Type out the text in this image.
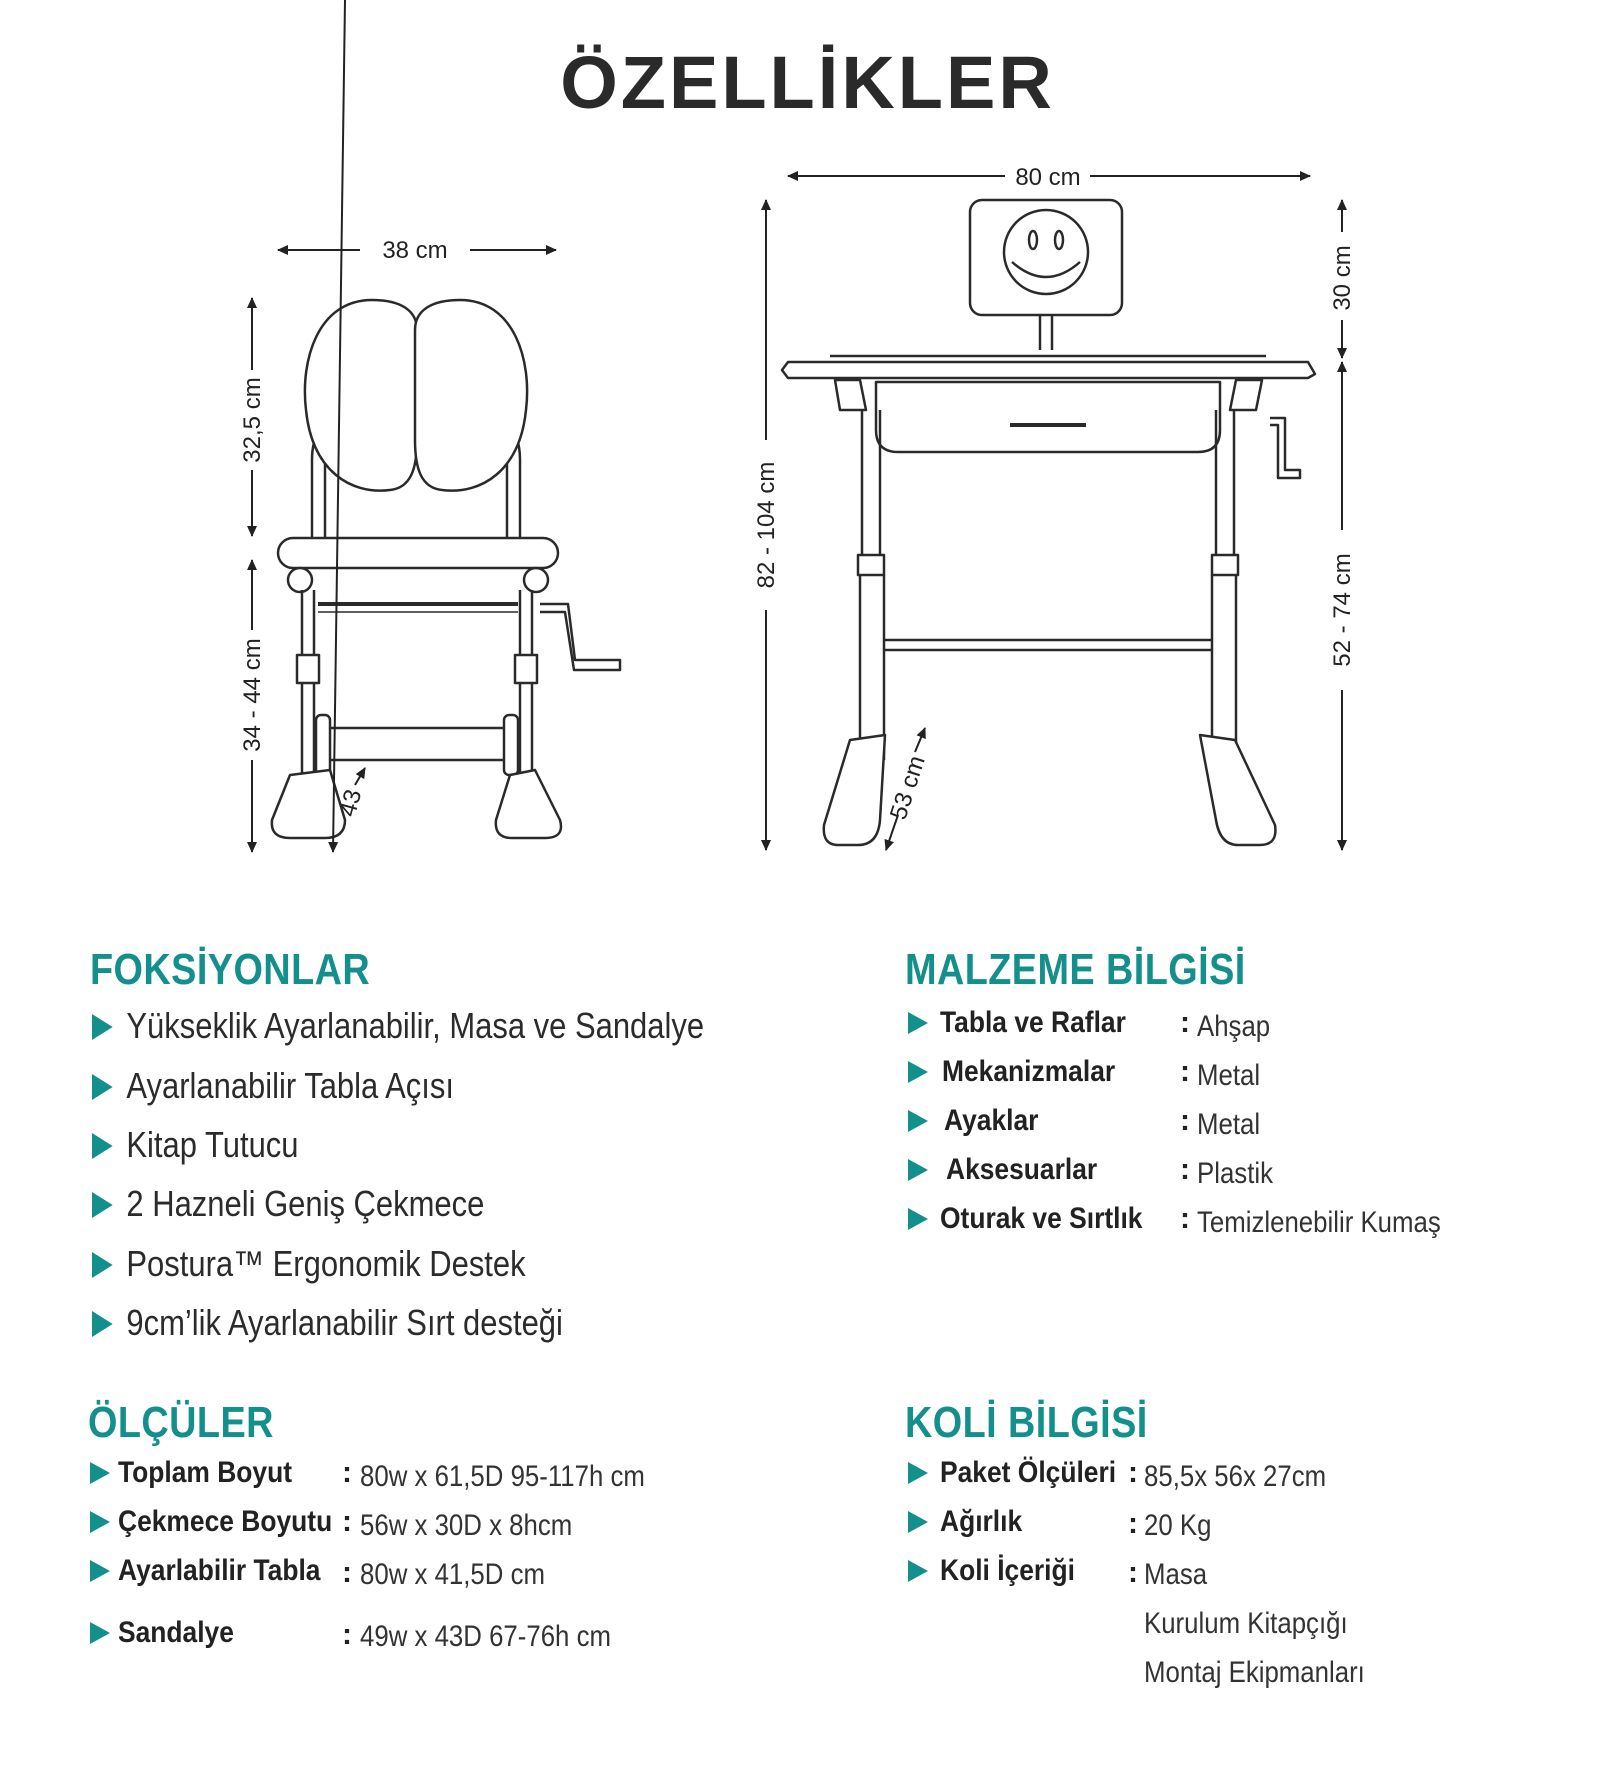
ÖZELLİKLER
38 cm
32,5 cm
34 - 44 cm
43
80 cm
82 - 104 cm
30 cm
52 - 74 cm
53 cm
FOKSİYONLAR
Yükseklik Ayarlanabilir, Masa ve Sandalye
Ayarlanabilir Tabla Açısı
Kitap Tutucu
2 Hazneli Geniş Çekmece
Postura™ Ergonomik Destek
9cm’lik Ayarlanabilir Sırt desteği
MALZEME BİLGİSİ
Tabla ve Raflar : Ahşap
Mekanizmalar : Metal
Ayaklar	: Metal
Aksesuarlar	: Plastik
Oturak ve Sırtlık : Temizlenebilir Kumaş
ÖLÇÜLER
Toplam Boyut : 80w x 61,5D 95-117h cm
Çekmece Boyutu : 56w x 30D x 8hcm
Ayarlabilir Tabla : 80w x 41,5D cm
Sandalye	: 49w x 43D 67-76h cm
KOLİ BİLGİSİ
Paket Ölçüleri : 85,5x 56x 27cm
Ağırlık	: 20 Kg
Koli İçeriği : Masa
Kurulum Kitapçığı
Montaj Ekipmanları
